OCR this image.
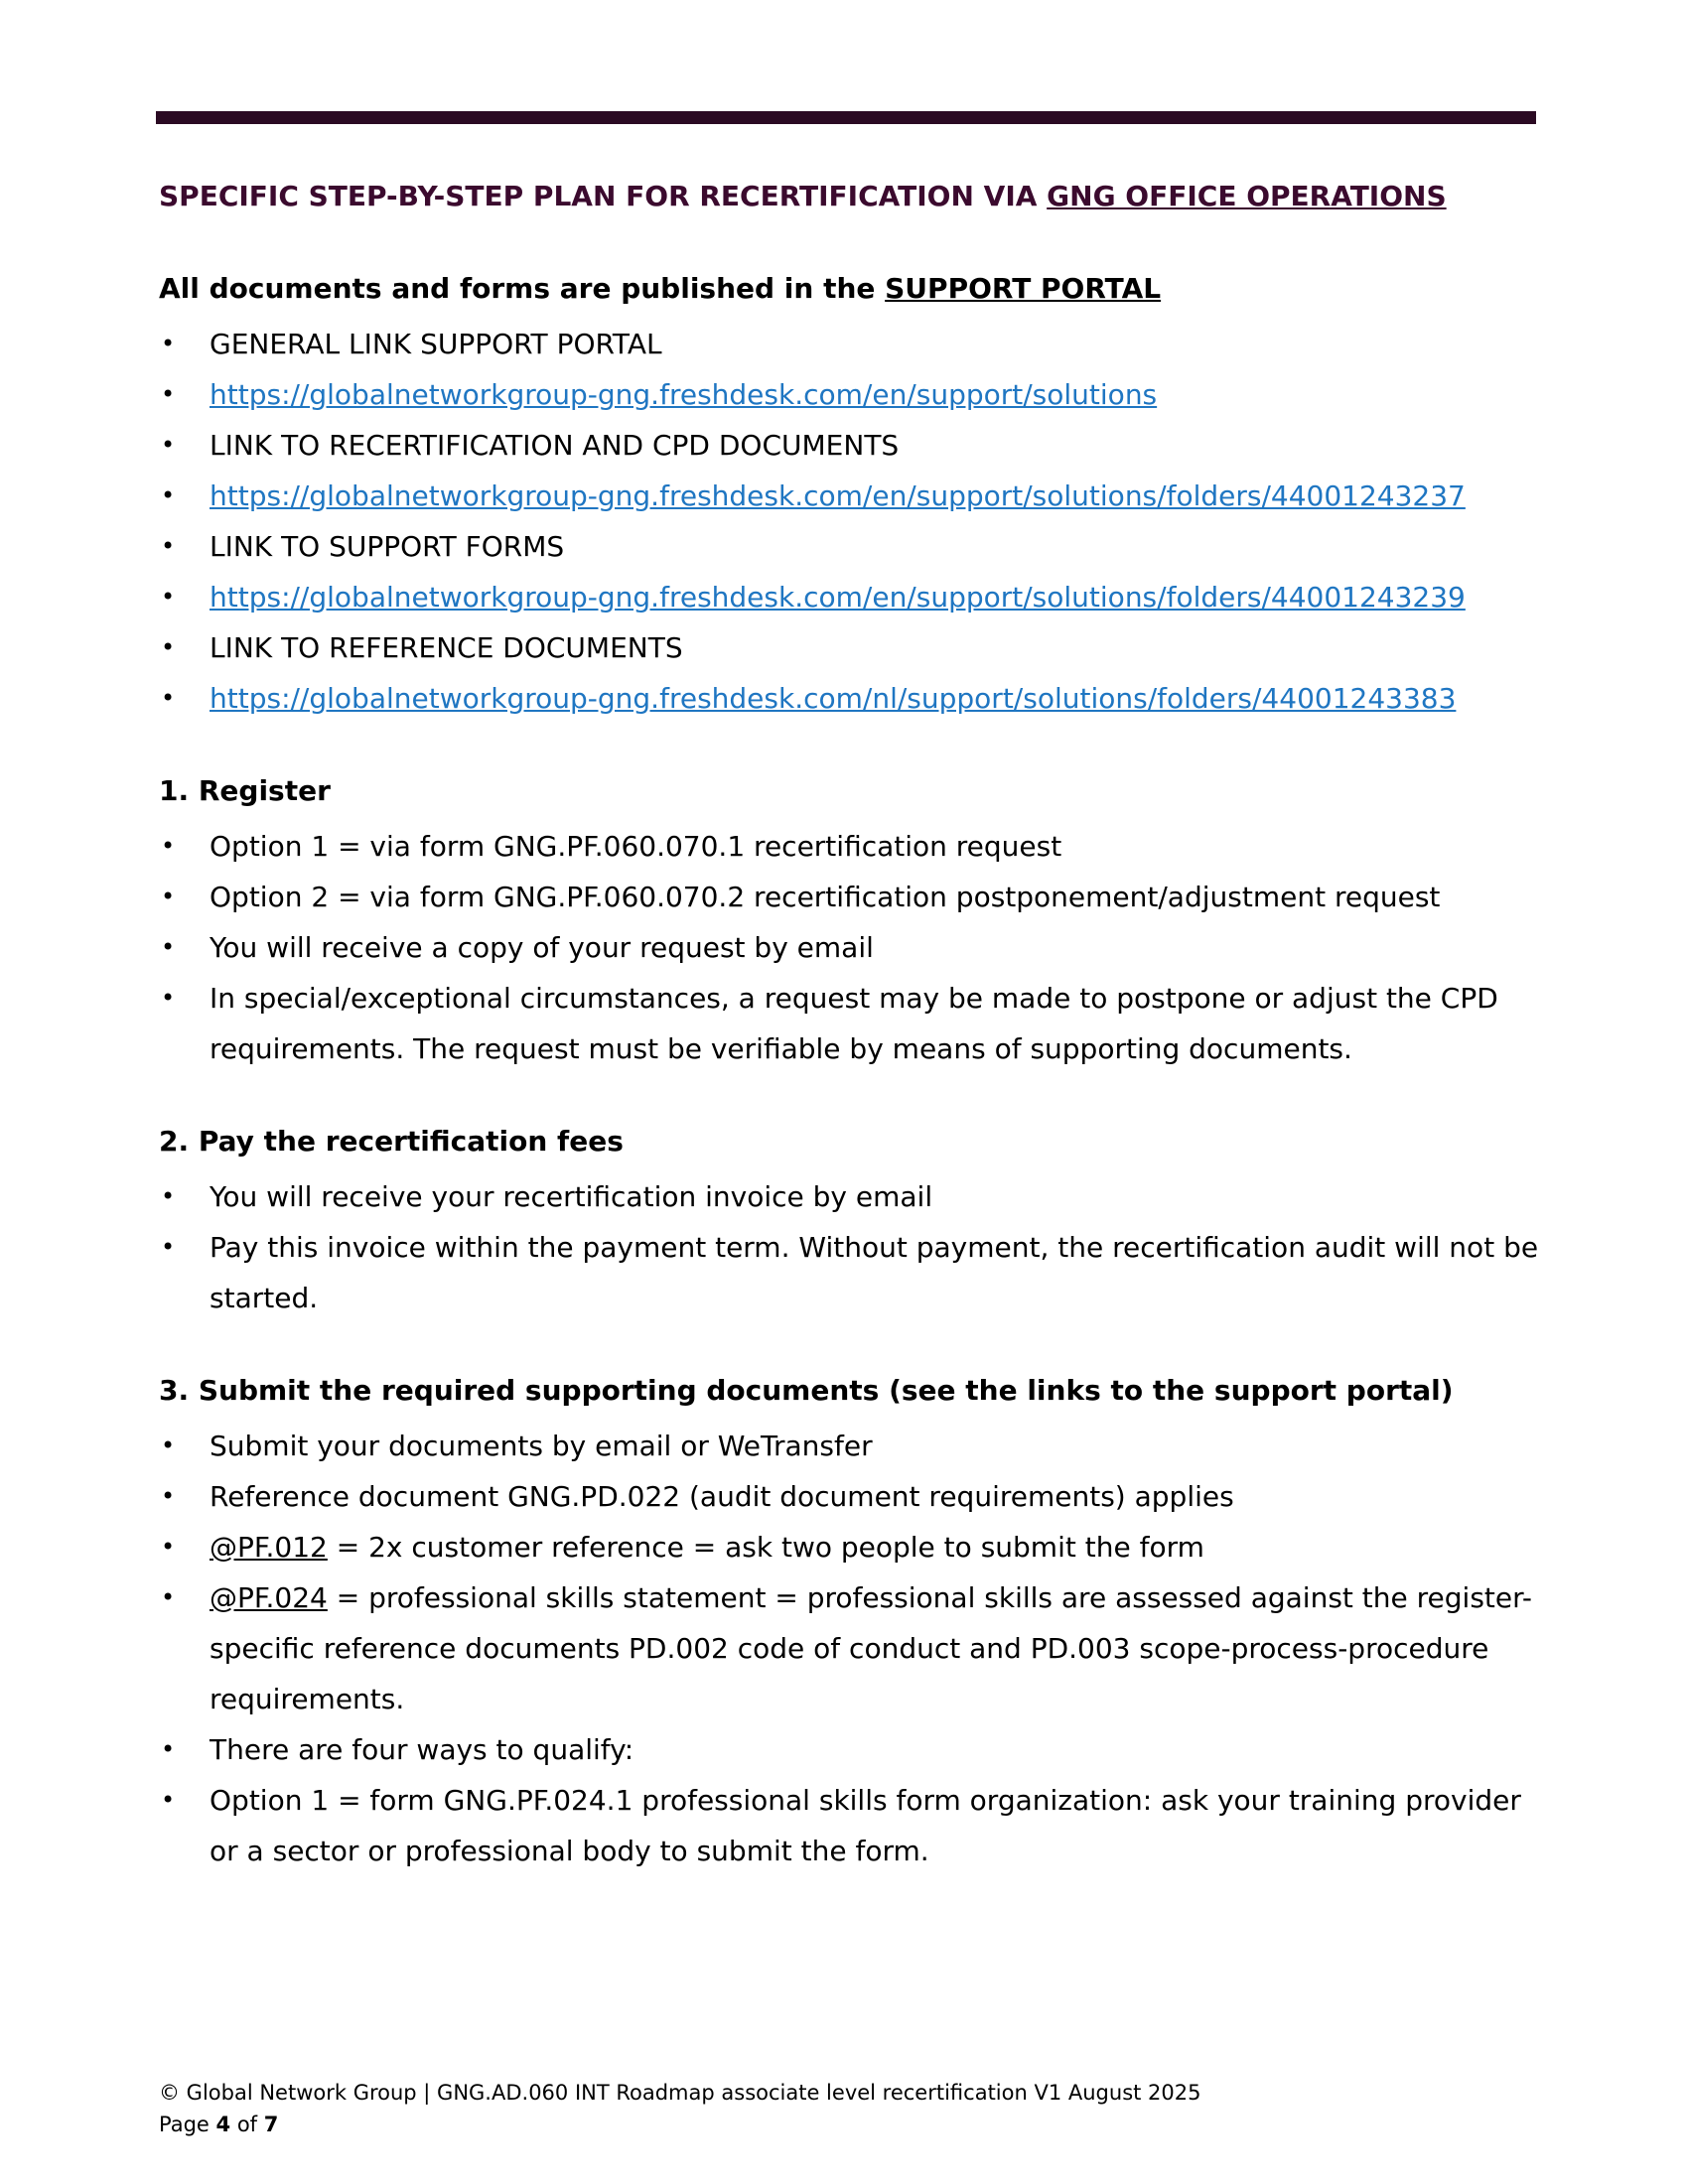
SPECIFIC STEP-BY-STEP PLAN FOR RECERTIFICATION VIA GNG OFFICE OPERATIONS

All documents and forms are published in the SUPPORT PORTAL

• GENERAL LINK SUPPORT PORTAL
• https://globalnetworkgroup-gng.freshdesk.com/en/support/solutions
• LINK TO RECERTIFICATION AND CPD DOCUMENTS
• https://globalnetworkgroup-gng.freshdesk.com/en/support/solutions/folders/44001243237
• LINK TO SUPPORT FORMS
• https://globalnetworkgroup-gng.freshdesk.com/en/support/solutions/folders/44001243239
• LINK TO REFERENCE DOCUMENTS
• https://globalnetworkgroup-gng.freshdesk.com/nl/support/solutions/folders/44001243383
1. Register
• Option 1 = via form GNG.PF.060.070.1 recertification request
• Option 2 = via form GNG.PF.060.070.2 recertification postponement/adjustment request
• You will receive a copy of your request by email
• In special/exceptional circumstances, a request may be made to postpone or adjust the CPD requirements. The request must be verifiable by means of supporting documents.
2. Pay the recertification fees
• You will receive your recertification invoice by email
• Pay this invoice within the payment term. Without payment, the recertification audit will not be started.
3. Submit the required supporting documents (see the links to the support portal)
• Submit your documents by email or WeTransfer
• Reference document GNG.PD.022 (audit document requirements) applies
• @PF.012 = 2x customer reference = ask two people to submit the form
• @PF.024 = professional skills statement = professional skills are assessed against the register-specific reference documents PD.002 code of conduct and PD.003 scope-process-procedure requirements.
• There are four ways to qualify:
• Option 1 = form GNG.PF.024.1 professional skills form organization: ask your training provider or a sector or professional body to submit the form.
© Global Network Group | GNG.AD.060 INT Roadmap associate level recertification V1 August 2025
Page 4 of 7
